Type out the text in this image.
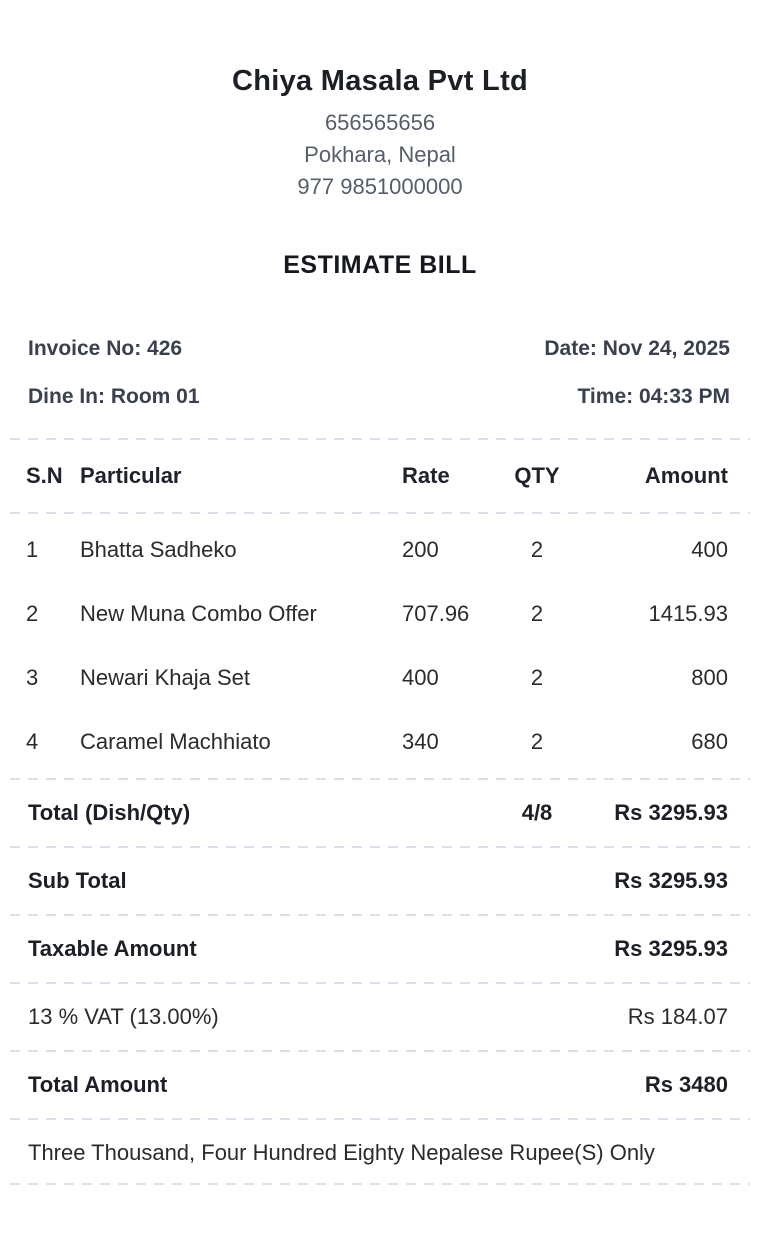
Chiya Masala Pvt Ltd
656565656
Pokhara, Nepal
977 9851000000
ESTIMATE BILL
Invoice No: 426	Date: Nov 24, 2025
Dine In: Room 01	Time: 04:33 PM
S.N Particular	Rate	QTY	Amount
1	Bhatta Sadheko	200	2	400
2	New Muna Combo Offer	707.96	2	1415.93
3	Newari Khaja Set	400	2	800
4	Caramel Machhiato	340	2	680
Total (Dish/Qty)	4/8	Rs 3295.93
Sub Total	Rs 3295.93
Taxable Amount	Rs 3295.93
13 % VAT (13.00%)	Rs 184.07
Total Amount	Rs 3480
Three Thousand, Four Hundred Eighty Nepalese Rupee(S) Only
